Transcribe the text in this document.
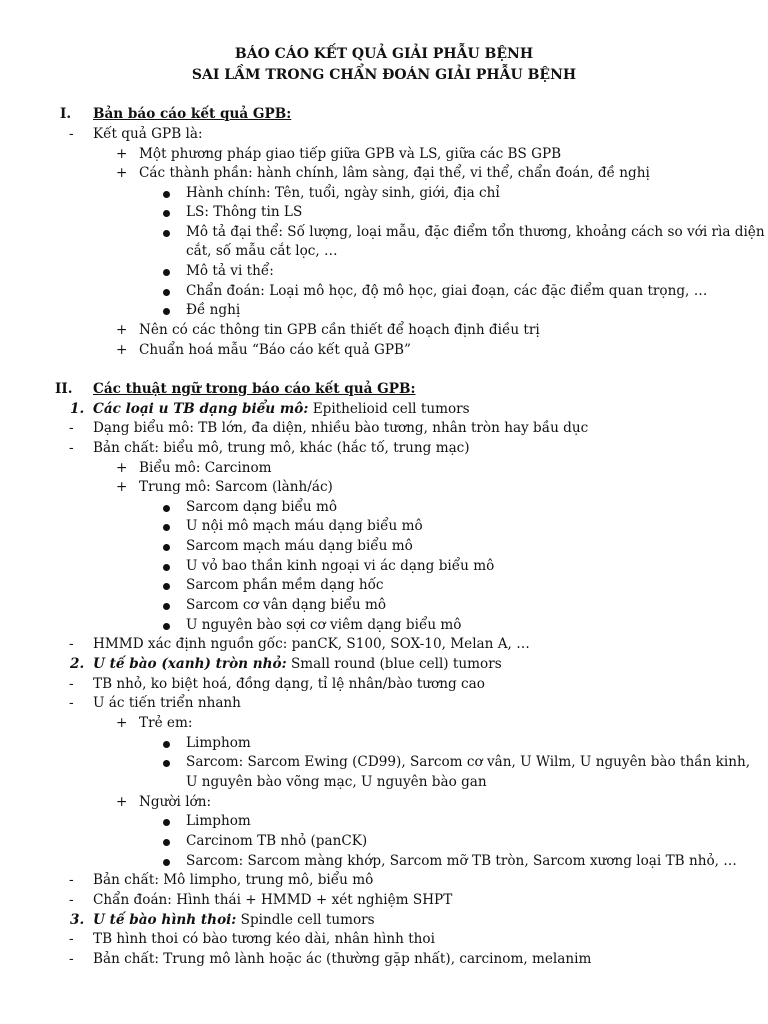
BÁO CÁO KẾT QUẢ GIẢI PHẪU BỆNH
SAI LẦM TRONG CHẨN ĐOÁN GIẢI PHẪU BỆNH
I. Bản báo cáo kết quả GPB:
- Kết quả GPB là:
+ Một phương pháp giao tiếp giữa GPB và LS, giữa các BS GPB
+ Các thành phần: hành chính, lâm sàng, đại thể, vi thể, chẩn đoán, đề nghị
Hành chính: Tên, tuổi, ngày sinh, giới, địa chỉ
LS: Thông tin LS
Mô tả đại thể: Số lượng, loại mẫu, đặc điểm tổn thương, khoảng cách so với rìa diện
cắt, số mẫu cắt lọc, …
Mô tả vi thể:
Chẩn đoán: Loại mô học, độ mô học, giai đoạn, các đặc điểm quan trọng, …
Đề nghị
+ Nên có các thông tin GPB cần thiết để hoạch định điều trị
+ Chuẩn hoá mẫu “Báo cáo kết quả GPB”
II. Các thuật ngữ trong báo cáo kết quả GPB:
1. Các loại u TB dạng biểu mô: Epithelioid cell tumors
- Dạng biểu mô: TB lớn, đa diện, nhiều bào tương, nhân tròn hay bầu dục
- Bản chất: biểu mô, trung mô, khác (hắc tố, trung mạc)
+ Biểu mô: Carcinom
+ Trung mô: Sarcom (lành/ác)
Sarcom dạng biểu mô
U nội mô mạch máu dạng biểu mô
Sarcom mạch máu dạng biểu mô
U vỏ bao thần kinh ngoại vi ác dạng biểu mô
Sarcom phần mềm dạng hốc
Sarcom cơ vân dạng biểu mô
U nguyên bào sợi cơ viêm dạng biểu mô
- HMMD xác định nguồn gốc: panCK, S100, SOX-10, Melan A, …
2. U tế bào (xanh) tròn nhỏ: Small round (blue cell) tumors
- TB nhỏ, ko biệt hoá, đồng dạng, tỉ lệ nhân/bào tương cao
- U ác tiến triển nhanh
+ Trẻ em:
Limphom
Sarcom: Sarcom Ewing (CD99), Sarcom cơ vân, U Wilm, U nguyên bào thần kinh,
U nguyên bào võng mạc, U nguyên bào gan
+ Người lớn:
Limphom
Carcinom TB nhỏ (panCK)
Sarcom: Sarcom màng khớp, Sarcom mỡ TB tròn, Sarcom xương loại TB nhỏ, …
- Bản chất: Mô limpho, trung mô, biểu mô
- Chẩn đoán: Hình thái + HMMD + xét nghiệm SHPT
3. U tế bào hình thoi: Spindle cell tumors
- TB hình thoi có bào tương kéo dài, nhân hình thoi
- Bản chất: Trung mô lành hoặc ác (thường gặp nhất), carcinom, melanim
